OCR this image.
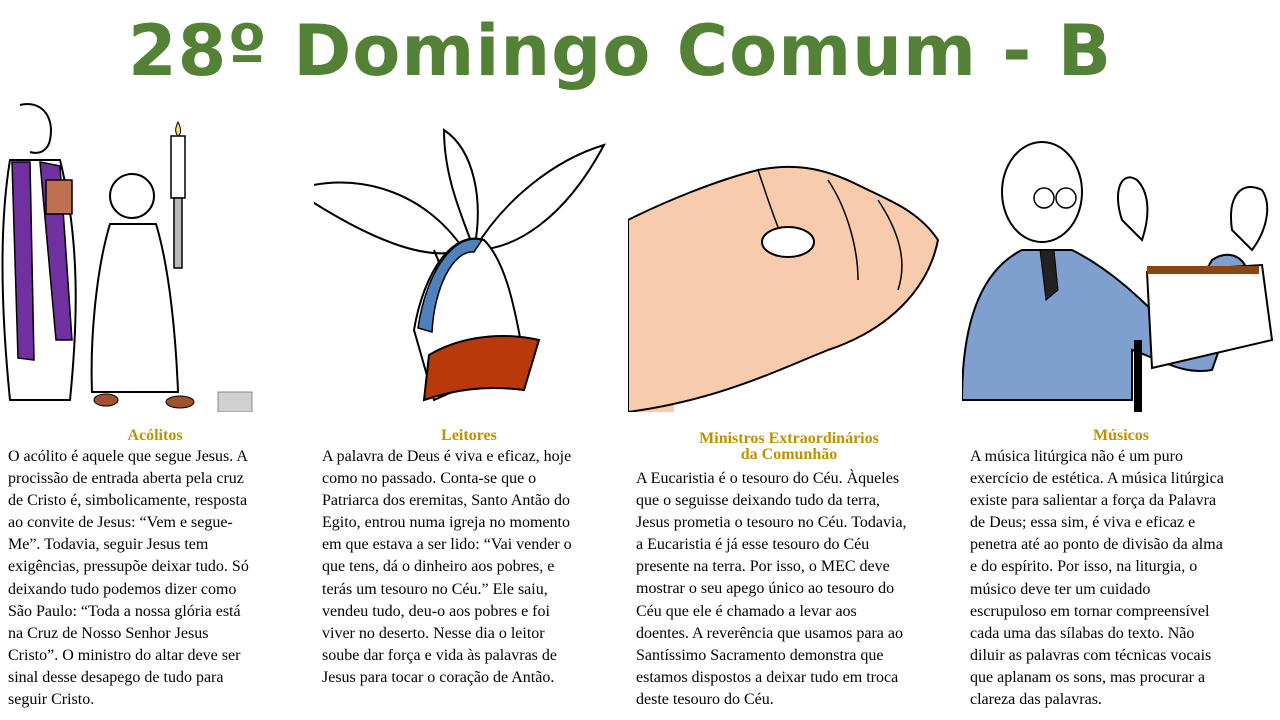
28º Domingo Comum - B
Acólitos
O acólito é aquele que segue Jesus. A
procissão de entrada aberta pela cruz
de Cristo é, simbolicamente, resposta
ao convite de Jesus: “Vem e segue-
Me”. Todavia, seguir Jesus tem
exigências, pressupõe deixar tudo. Só
deixando tudo podemos dizer como
São Paulo: “Toda a nossa glória está
na Cruz de Nosso Senhor Jesus
Cristo”. O ministro do altar deve ser
sinal desse desapego de tudo para
seguir Cristo.
Leitores
A palavra de Deus é viva e eficaz, hoje
como no passado. Conta-se que o
Patriarca dos eremitas, Santo Antão do
Egito, entrou numa igreja no momento
em que estava a ser lido: “Vai vender o
que tens, dá o dinheiro aos pobres, e
terás um tesouro no Céu.” Ele saiu,
vendeu tudo, deu-o aos pobres e foi
viver no deserto. Nesse dia o leitor
soube dar força e vida às palavras de
Jesus para tocar o coração de Antão.
Ministros Extraordinários
da Comunhão
A Eucaristia é o tesouro do Céu. Àqueles
que o seguisse deixando tudo da terra,
Jesus prometia o tesouro no Céu. Todavia,
a Eucaristia é já esse tesouro do Céu
presente na terra. Por isso, o MEC deve
mostrar o seu apego único ao tesouro do
Céu que ele é chamado a levar aos
doentes. A reverência que usamos para ao
Santíssimo Sacramento demonstra que
estamos dispostos a deixar tudo em troca
deste tesouro do Céu.
Músicos
A música litúrgica não é um puro
exercício de estética. A música litúrgica
existe para salientar a força da Palavra
de Deus; essa sim, é viva e eficaz e
penetra até ao ponto de divisão da alma
e do espírito. Por isso, na liturgia, o
músico deve ter um cuidado
escrupuloso em tornar compreensível
cada uma das sílabas do texto. Não
diluir as palavras com técnicas vocais
que aplanam os sons, mas procurar a
clareza das palavras.
